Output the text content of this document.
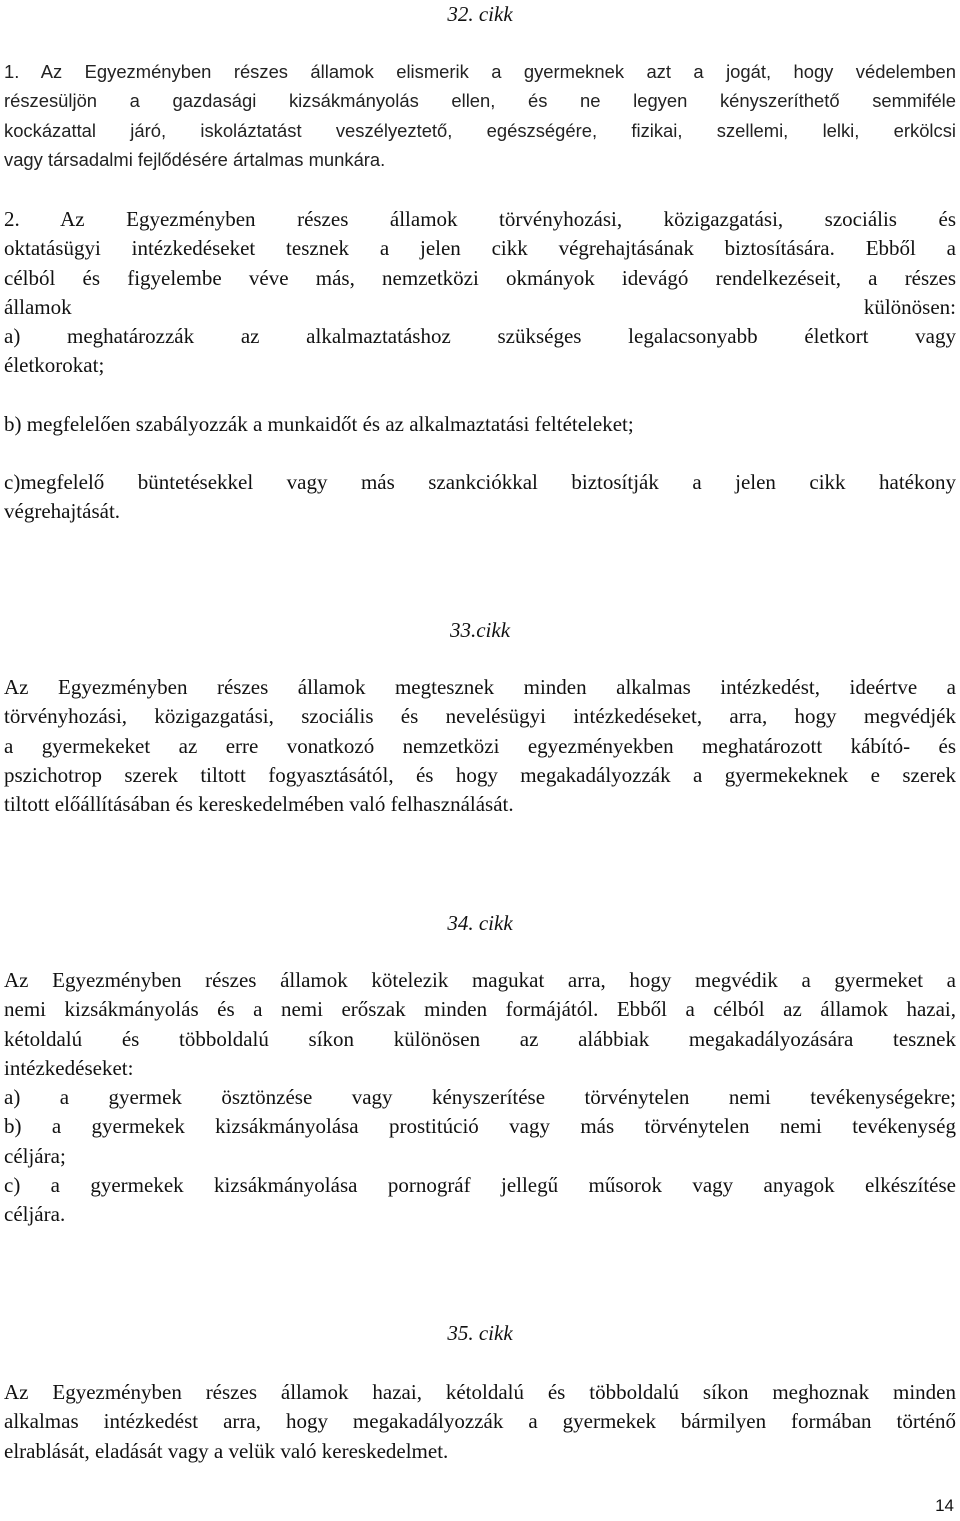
32. cikk
1. Az Egyezményben részes államok elismerik a gyermeknek azt a jogát, hogy védelemben
részesüljön a gazdasági kizsákmányolás ellen, és ne legyen kényszeríthető semmiféle
kockázattal járó, iskoláztatást veszélyeztető, egészségére, fizikai, szellemi, lelki, erkölcsi
vagy társadalmi fejlődésére ártalmas munkára.
2. Az Egyezményben részes államok törvényhozási, közigazgatási, szociális és
oktatásügyi intézkedéseket tesznek a jelen cikk végrehajtásának biztosítására. Ebből a
célból és figyelembe véve más, nemzetközi okmányok idevágó rendelkezéseit, a részes
államok különösen:
a) meghatározzák az alkalmaztatáshoz szükséges legalacsonyabb életkort vagy
életkorokat;
b) megfelelően szabályozzák a munkaidőt és az alkalmaztatási feltételeket;
c)megfelelő büntetésekkel vagy más szankciókkal biztosítják a jelen cikk hatékony
végrehajtását.
33.cikk
Az Egyezményben részes államok megtesznek minden alkalmas intézkedést, ideértve a
törvényhozási, közigazgatási, szociális és nevelésügyi intézkedéseket, arra, hogy megvédjék
a gyermekeket az erre vonatkozó nemzetközi egyezményekben meghatározott kábító- és
pszichotrop szerek tiltott fogyasztásától, és hogy megakadályozzák a gyermekeknek e szerek
tiltott előállításában és kereskedelmében való felhasználását.
34. cikk
Az Egyezményben részes államok kötelezik magukat arra, hogy megvédik a gyermeket a
nemi kizsákmányolás és a nemi erőszak minden formájától. Ebből a célból az államok hazai,
kétoldalú és többoldalú síkon különösen az alábbiak megakadályozására tesznek
intézkedéseket:
a) a gyermek ösztönzése vagy kényszerítése törvénytelen nemi tevékenységekre;
b) a gyermekek kizsákmányolása prostitúció vagy más törvénytelen nemi tevékenység
céljára;
c) a gyermekek kizsákmányolása pornográf jellegű műsorok vagy anyagok elkészítése
céljára.
35. cikk
Az Egyezményben részes államok hazai, kétoldalú és többoldalú síkon meghoznak minden
alkalmas intézkedést arra, hogy megakadályozzák a gyermekek bármilyen formában történő
elrablását, eladását vagy a velük való kereskedelmet.
14
